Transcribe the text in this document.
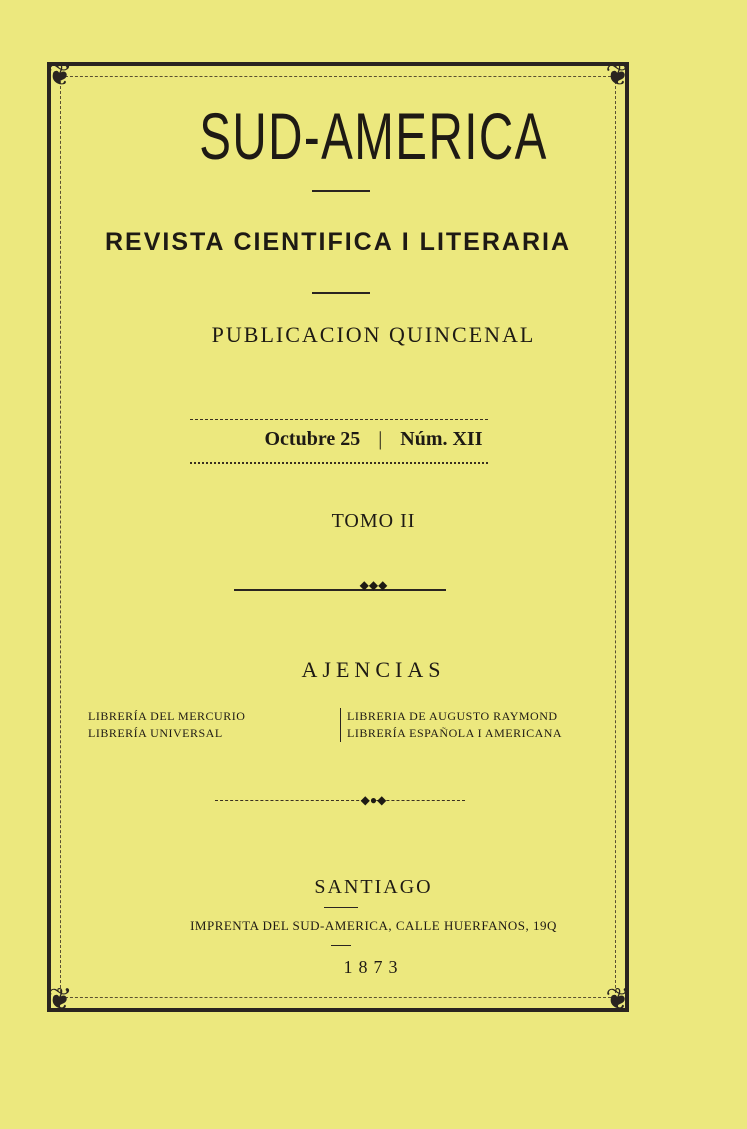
❦	❦
❦	❦
SUD-AMERICA
REVISTA CIENTIFICA I LITERARIA
PUBLICACION QUINCENAL
Octubre 25 | Núm. XII
TOMO II
◆◆◆
AJENCIAS
LIBRERÍA DEL MERCURIO
LIBRERÍA UNIVERSAL
LIBRERIA DE AUGUSTO RAYMOND
LIBRERÍA ESPAÑOLA I AMERICANA
◆●◆
SANTIAGO
IMPRENTA DEL SUD-AMERICA, CALLE HUERFANOS, 19Q
1873
